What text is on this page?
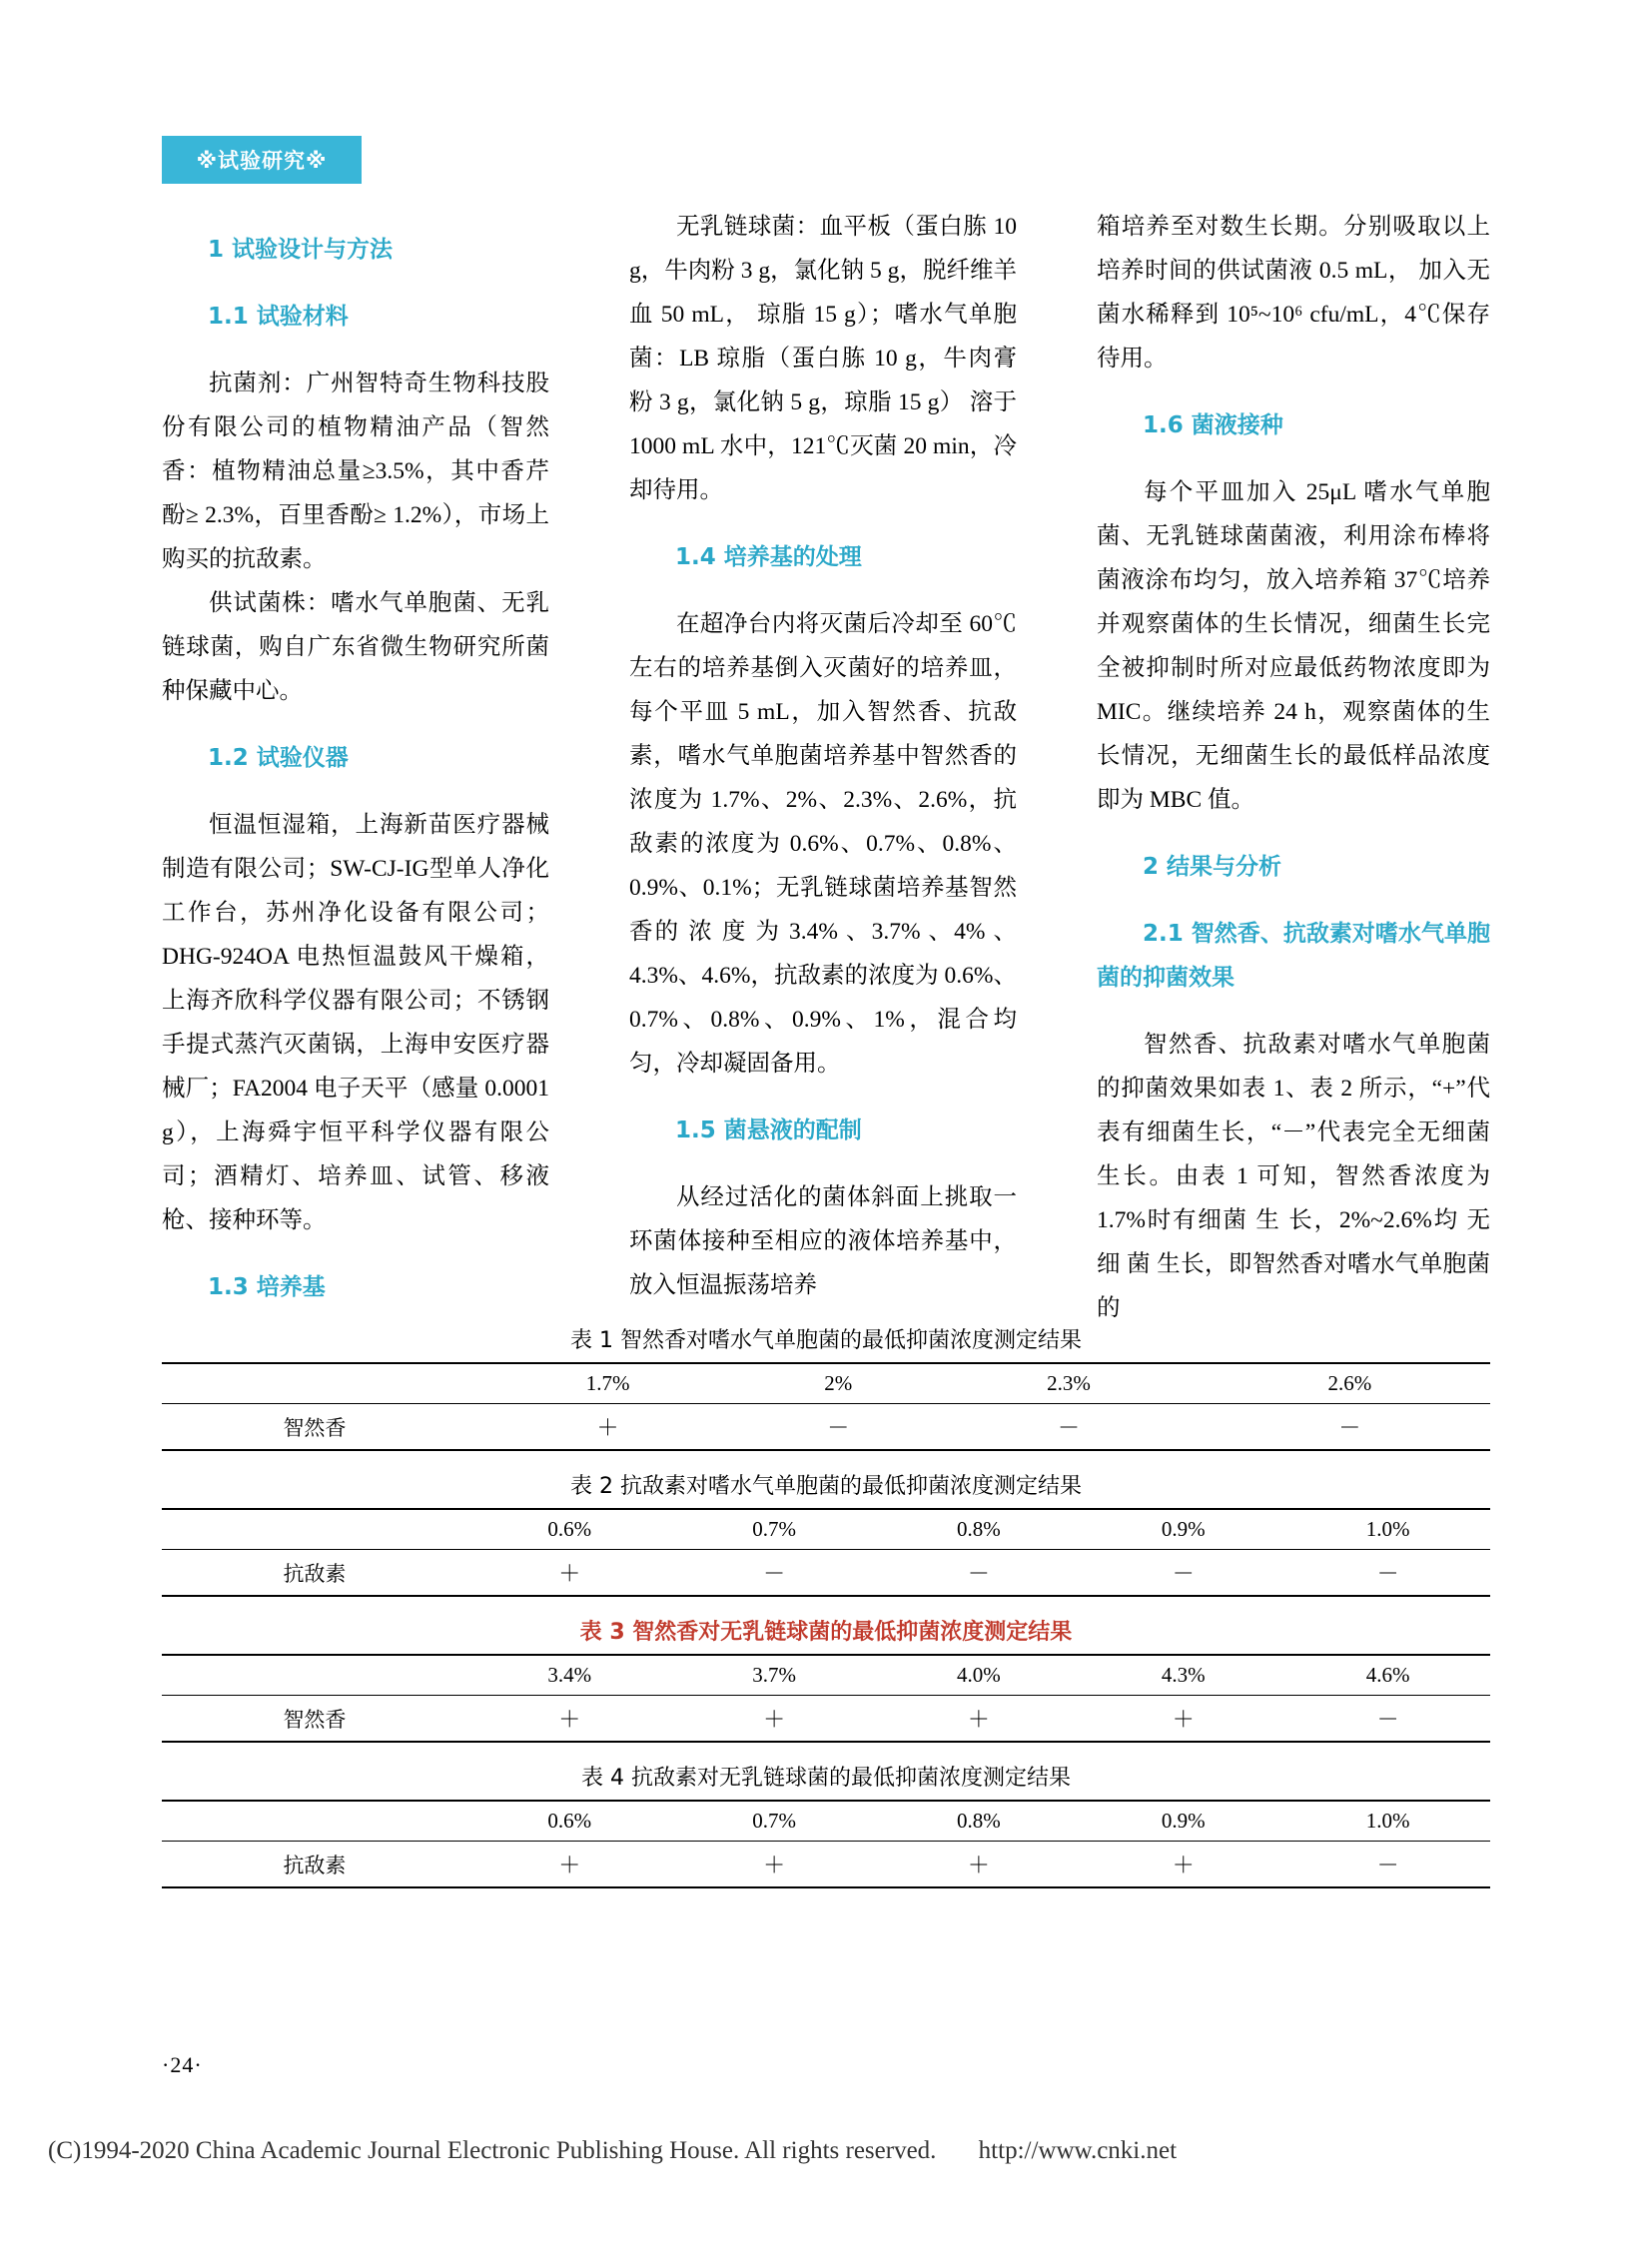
※试验研究※

1 试验设计与方法

1.1 试验材料

抗菌剂：广州智特奇生物科技股份有限公司的植物精油产品（智然香：植物精油总量≥3.5%，其中香芹酚≥ 2.3%，百里香酚≥ 1.2%），市场上购买的抗敌素。

供试菌株：嗜水气单胞菌、无乳链球菌，购自广东省微生物研究所菌种保藏中心。

1.2 试验仪器

恒温恒湿箱，上海新苗医疗器械制造有限公司；SW-CJ-IG型单人净化工作台，苏州净化设备有限公司；DHG-924OA 电热恒温鼓风干燥箱，上海齐欣科学仪器有限公司；不锈钢手提式蒸汽灭菌锅，上海申安医疗器械厂；FA2004 电子天平（感量 0.0001 g），上海舜宇恒平科学仪器有限公司；酒精灯、培养皿、试管、移液枪、接种环等。

1.3 培养基

无乳链球菌：血平板（蛋白胨 10 g，牛肉粉 3 g，氯化钠 5 g，脱纤维羊血 50 mL， 琼脂 15 g）；嗜水气单胞菌：LB 琼脂（蛋白胨 10 g，牛肉膏粉 3 g，氯化钠 5 g，琼脂 15 g） 溶于 1000 mL 水中，121℃灭菌 20 min，冷却待用。

1.4 培养基的处理

在超净台内将灭菌后冷却至 60℃左右的培养基倒入灭菌好的培养皿，每个平皿 5 mL，加入智然香、抗敌素，嗜水气单胞菌培养基中智然香的浓度为 1.7%、2%、2.3%、2.6%，抗敌素的浓度为 0.6%、0.7%、0.8%、0.9%、0.1%；无乳链球菌培养基智然香的 浓 度 为 3.4% 、3.7% 、4% 、4.3%、4.6%，抗敌素的浓度为 0.6%、0.7%、0.8%、0.9%、1%，混合均匀，冷却凝固备用。

1.5 菌悬液的配制

从经过活化的菌体斜面上挑取一环菌体接种至相应的液体培养基中，放入恒温振荡培养

箱培养至对数生长期。分别吸取以上培养时间的供试菌液 0.5 mL， 加入无菌水稀释到 10⁵~10⁶ cfu/mL，4℃保存待用。

1.6 菌液接种

每个平皿加入 25μL 嗜水气单胞菌、无乳链球菌菌液，利用涂布棒将菌液涂布均匀，放入培养箱 37℃培养并观察菌体的生长情况，细菌生长完全被抑制时所对应最低药物浓度即为 MIC。继续培养 24 h，观察菌体的生长情况，无细菌生长的最低样品浓度即为 MBC 值。

2 结果与分析

2.1 智然香、抗敌素对嗜水气单胞菌的抑菌效果

智然香、抗敌素对嗜水气单胞菌的抑菌效果如表 1、表 2 所示，“+”代表有细菌生长，“－”代表完全无细菌生长。由表 1 可知，智然香浓度为 1.7%时有细菌 生 长，2%~2.6%均 无 细 菌 生长，即智然香对嗜水气单胞菌的

表 1 智然香对嗜水气单胞菌的最低抑菌浓度测定结果
	1.7%	2%	2.3%	2.6%
智然香	＋	－	－	－
表 2 抗敌素对嗜水气单胞菌的最低抑菌浓度测定结果
	0.6%	0.7%	0.8%	0.9%	1.0%
抗敌素	＋	－	－	－	－
表 3 智然香对无乳链球菌的最低抑菌浓度测定结果
	3.4%	3.7%	4.0%	4.3%	4.6%
智然香	＋	＋	＋	＋	－
表 4 抗敌素对无乳链球菌的最低抑菌浓度测定结果
	0.6%	0.7%	0.8%	0.9%	1.0%
抗敌素	＋	＋	＋	＋	－
·24·
(C)1994-2020 China Academic Journal Electronic Publishing House. All rights reserved. http://www.cnki.net
